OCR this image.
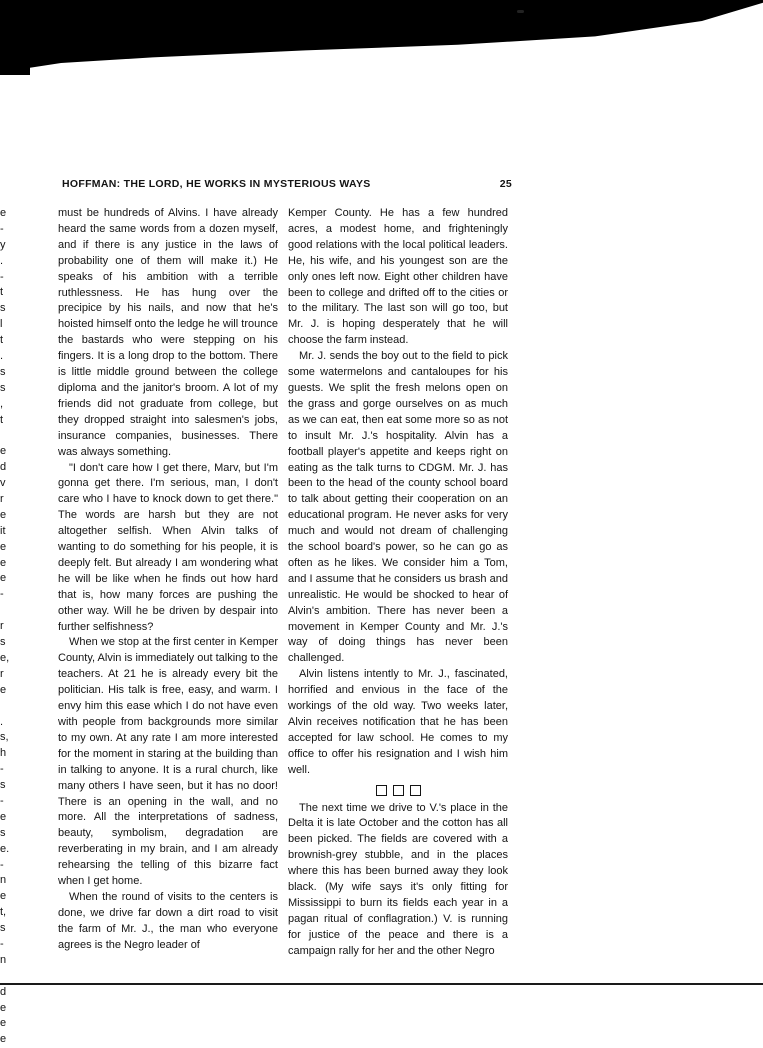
e
-
y
.
-
t
s
l
t
.
s
s
,
t
e
d
v
r
e
it
e
e
e
-
r
s
e,
r
e
.
s,
h
-
s
-
e
s
e.
-
n
e
t,
s
-
n
d
e
e
e
HOFFMAN: THE LORD, HE WORKS IN MYSTERIOUS WAYS	25

must be hundreds of Alvins. I have already heard the same words from a dozen myself, and if there is any justice in the laws of probability one of them will make it.) He speaks of his ambition with a terrible ruthlessness. He has hung over the precipice by his nails, and now that he's hoisted himself onto the ledge he will trounce the bastards who were stepping on his fingers. It is a long drop to the bottom. There is little middle ground between the college diploma and the janitor's broom. A lot of my friends did not graduate from college, but they dropped straight into salesmen's jobs, insurance companies, businesses. There was always something.

"I don't care how I get there, Marv, but I'm gonna get there. I'm serious, man, I don't care who I have to knock down to get there." The words are harsh but they are not altogether selfish. When Alvin talks of wanting to do something for his people, it is deeply felt. But already I am wondering what he will be like when he finds out how hard that is, how many forces are pushing the other way. Will he be driven by despair into further selfishness?

When we stop at the first center in Kemper County, Alvin is immediately out talking to the teachers. At 21 he is already every bit the politician. His talk is free, easy, and warm. I envy him this ease which I do not have even with people from backgrounds more similar to my own. At any rate I am more interested for the moment in staring at the building than in talking to anyone. It is a rural church, like many others I have seen, but it has no door! There is an opening in the wall, and no more. All the interpretations of sadness, beauty, symbolism, degradation are reverberating in my brain, and I am already rehearsing the telling of this bizarre fact when I get home.

When the round of visits to the centers is done, we drive far down a dirt road to visit the farm of Mr. J., the man who everyone agrees is the Negro leader of

Kemper County. He has a few hundred acres, a modest home, and frighteningly good relations with the local political leaders. He, his wife, and his youngest son are the only ones left now. Eight other children have been to college and drifted off to the cities or to the military. The last son will go too, but Mr. J. is hoping desperately that he will choose the farm instead.

Mr. J. sends the boy out to the field to pick some watermelons and cantaloupes for his guests. We split the fresh melons open on the grass and gorge ourselves on as much as we can eat, then eat some more so as not to insult Mr. J.'s hospitality. Alvin has a football player's appetite and keeps right on eating as the talk turns to CDGM. Mr. J. has been to the head of the county school board to talk about getting their cooperation on an educational program. He never asks for very much and would not dream of challenging the school board's power, so he can go as often as he likes. We consider him a Tom, and I assume that he considers us brash and unrealistic. He would be shocked to hear of Alvin's ambition. There has never been a movement in Kemper County and Mr. J.'s way of doing things has never been challenged.

Alvin listens intently to Mr. J., fascinated, horrified and envious in the face of the workings of the old way. Two weeks later, Alvin receives notification that he has been accepted for law school. He comes to my office to offer his resignation and I wish him well.

The next time we drive to V.'s place in the Delta it is late October and the cotton has all been picked. The fields are covered with a brownish-grey stubble, and in the places where this has been burned away they look black. (My wife says it's only fitting for Mississippi to burn its fields each year in a pagan ritual of conflagration.) V. is running for justice of the peace and there is a campaign rally for her and the other Negro
